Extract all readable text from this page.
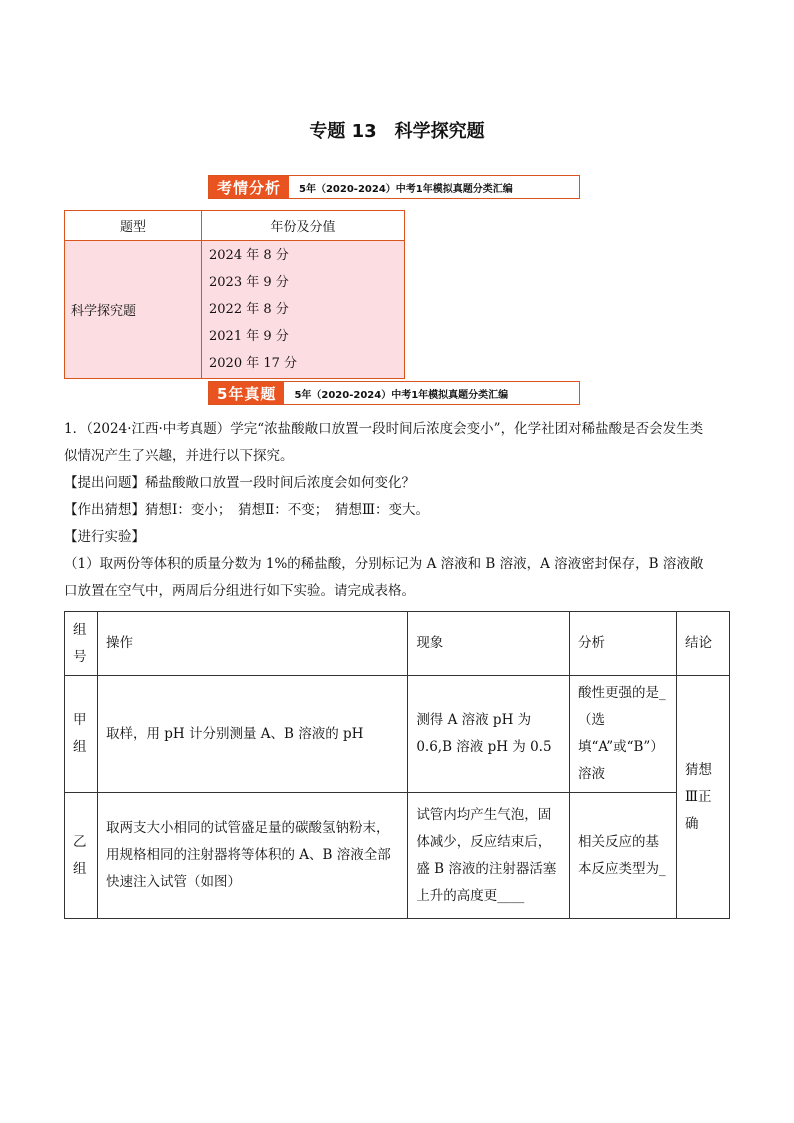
专题 13　科学探究题
考情分析	5年（2020-2024）中考1年模拟真题分类汇编
题型	年份及分值
科学探究题	2024 年 8 分
2023 年 9 分
2022 年 8 分
2021 年 9 分
2020 年 17 分
5年真题	5年（2020-2024）中考1年模拟真题分类汇编
1．（2024·江西·中考真题）学完“浓盐酸敞口放置一段时间后浓度会变小”，化学社团对稀盐酸是否会发生类
似情况产生了兴趣，并进行以下探究。
【提出问题】稀盐酸敞口放置一段时间后浓度会如何变化？
【作出猜想】猜想Ⅰ：变小；　猜想Ⅱ：不变；　猜想Ⅲ：变大。
【进行实验】
（1）取两份等体积的质量分数为 1%的稀盐酸，分别标记为 A 溶液和 B 溶液，A 溶液密封保存，B 溶液敞
口放置在空气中，两周后分组进行如下实验。请完成表格。
组号	操作	现象	分析	结论
甲组	取样，用 pH 计分别测量 A、B 溶液的 pH	测得 A 溶液 pH 为 0.6,B 溶液 pH 为 0.5	酸性更强的是_（选填“A”或“B”）溶液	猜想Ⅲ正确
乙组	取两支大小相同的试管盛足量的碳酸氢钠粉末，用规格相同的注射器将等体积的 A、B 溶液全部快速注入试管（如图）	试管内均产生气泡，固体减少，反应结束后，盛 B 溶液的注射器活塞上升的高度更____	相关反应的基本反应类型为_	
